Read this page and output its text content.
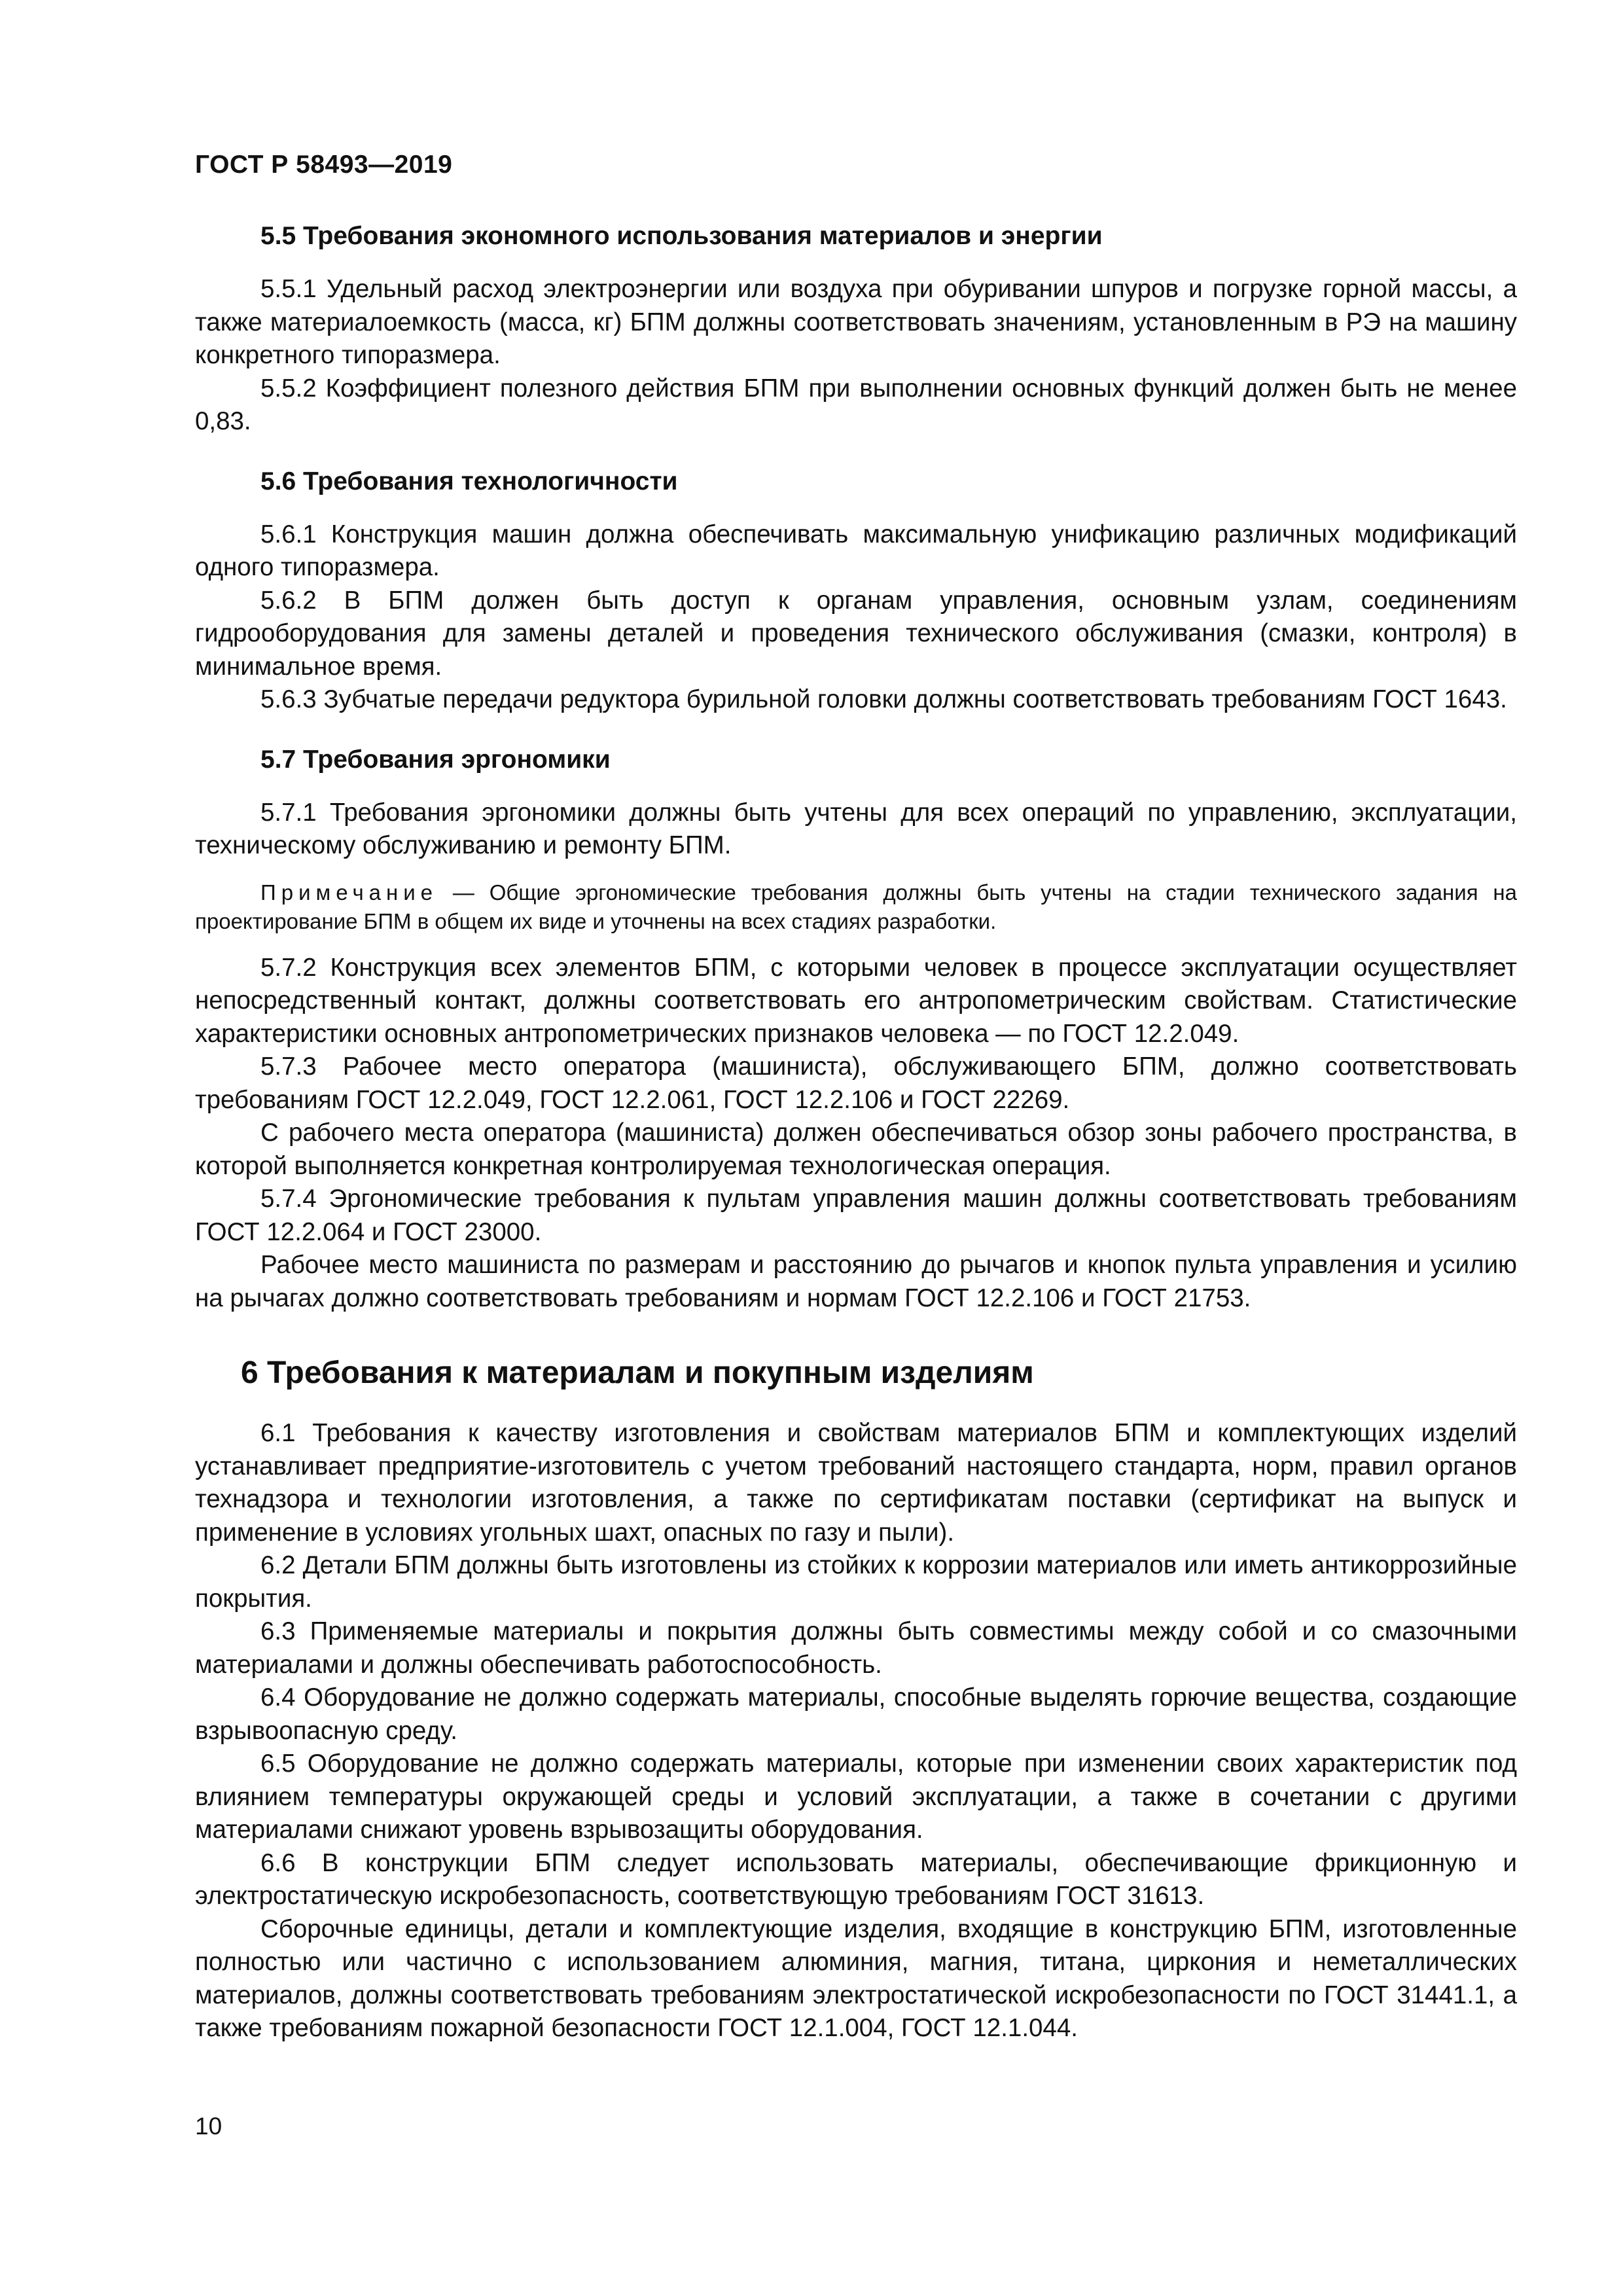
ГОСТ Р 58493—2019
5.5 Требования экономного использования материалов и энергии

5.5.1 Удельный расход электроэнергии или воздуха при обуривании шпуров и погрузке горной массы, а также материалоемкость (масса, кг) БПМ должны соответствовать значениям, установленным в РЭ на машину конкретного типоразмера.

5.5.2 Коэффициент полезного действия БПМ при выполнении основных функций должен быть не менее 0,83.

5.6 Требования технологичности

5.6.1 Конструкция машин должна обеспечивать максимальную унификацию различных модификаций одного типоразмера.

5.6.2 В БПМ должен быть доступ к органам управления, основным узлам, соединениям гидрооборудования для замены деталей и проведения технического обслуживания (смазки, контроля) в минимальное время.

5.6.3 Зубчатые передачи редуктора бурильной головки должны соответствовать требованиям ГОСТ 1643.

5.7 Требования эргономики

5.7.1 Требования эргономики должны быть учтены для всех операций по управлению, эксплуатации, техническому обслуживанию и ремонту БПМ.

Примечание — Общие эргономические требования должны быть учтены на стадии технического задания на проектирование БПМ в общем их виде и уточнены на всех стадиях разработки.

5.7.2 Конструкция всех элементов БПМ, с которыми человек в процессе эксплуатации осуществляет непосредственный контакт, должны соответствовать его антропометрическим свойствам. Статистические характеристики основных антропометрических признаков человека — по ГОСТ 12.2.049.

5.7.3 Рабочее место оператора (машиниста), обслуживающего БПМ, должно соответствовать требованиям ГОСТ 12.2.049, ГОСТ 12.2.061, ГОСТ 12.2.106 и ГОСТ 22269.

С рабочего места оператора (машиниста) должен обеспечиваться обзор зоны рабочего пространства, в которой выполняется конкретная контролируемая технологическая операция.

5.7.4 Эргономические требования к пультам управления машин должны соответствовать требованиям ГОСТ 12.2.064 и ГОСТ 23000.

Рабочее место машиниста по размерам и расстоянию до рычагов и кнопок пульта управления и усилию на рычагах должно соответствовать требованиям и нормам ГОСТ 12.2.106 и ГОСТ 21753.

6 Требования к материалам и покупным изделиям

6.1 Требования к качеству изготовления и свойствам материалов БПМ и комплектующих изделий устанавливает предприятие-изготовитель с учетом требований настоящего стандарта, норм, правил органов технадзора и технологии изготовления, а также по сертификатам поставки (сертификат на выпуск и применение в условиях угольных шахт, опасных по газу и пыли).

6.2 Детали БПМ должны быть изготовлены из стойких к коррозии материалов или иметь антикоррозийные покрытия.

6.3 Применяемые материалы и покрытия должны быть совместимы между собой и со смазочными материалами и должны обеспечивать работоспособность.

6.4 Оборудование не должно содержать материалы, способные выделять горючие вещества, создающие взрывоопасную среду.

6.5 Оборудование не должно содержать материалы, которые при изменении своих характеристик под влиянием температуры окружающей среды и условий эксплуатации, а также в сочетании с другими материалами снижают уровень взрывозащиты оборудования.

6.6 В конструкции БПМ следует использовать материалы, обеспечивающие фрикционную и электростатическую искробезопасность, соответствующую требованиям ГОСТ 31613.

Сборочные единицы, детали и комплектующие изделия, входящие в конструкцию БПМ, изготовленные полностью или частично с использованием алюминия, магния, титана, циркония и неметаллических материалов, должны соответствовать требованиям электростатической искробезопасности по ГОСТ 31441.1, а также требованиям пожарной безопасности ГОСТ 12.1.004, ГОСТ 12.1.044.

10
